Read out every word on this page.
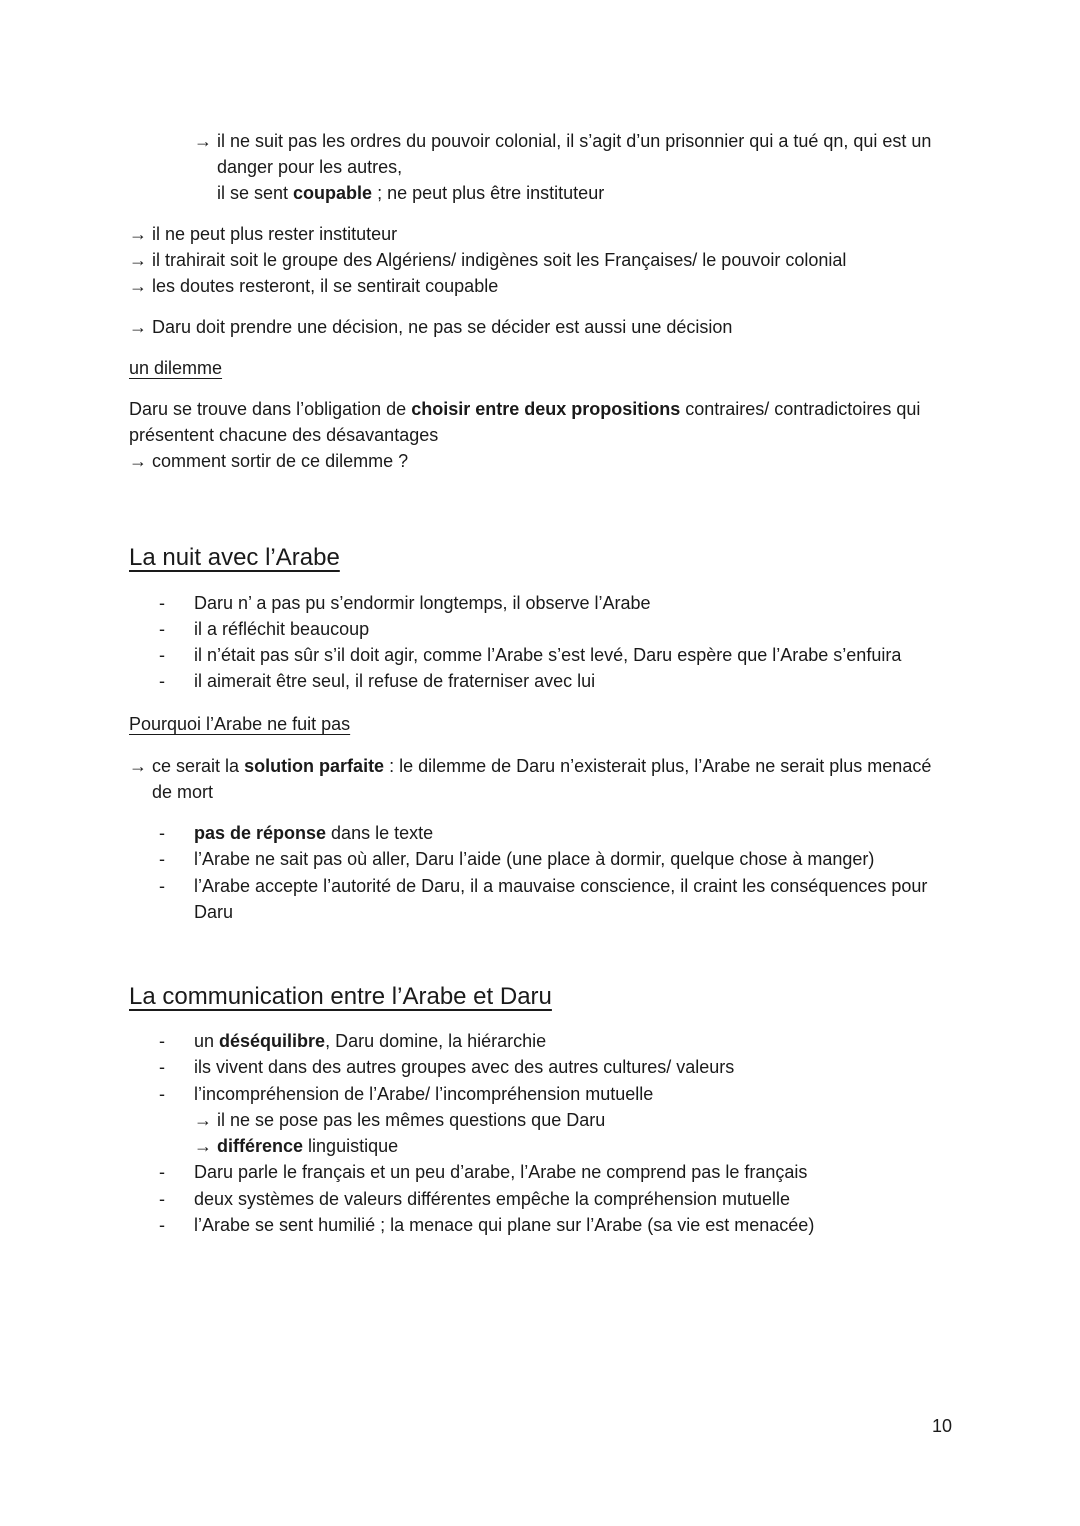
→ il ne suit pas les ordres du pouvoir colonial, il s’agit d’un prisonnier qui a tué qn, qui est un
danger pour les autres,
il se sent coupable ; ne peut plus être instituteur
→ il ne peut plus rester instituteur
→ il trahirait soit le groupe des Algériens/ indigènes soit les Françaises/ le pouvoir colonial
→ les doutes resteront, il se sentirait coupable
→ Daru doit prendre une décision, ne pas se décider est aussi une décision
un dilemme
Daru se trouve dans l’obligation de choisir entre deux propositions contraires/ contradictoires qui
présentent chacune des désavantages
→ comment sortir de ce dilemme ?
La nuit avec l’Arabe
- Daru n’ a pas pu s’endormir longtemps, il observe l’Arabe
- il a réfléchit beaucoup
- il n’était pas sûr s’il doit agir, comme l’Arabe s’est levé, Daru espère que l’Arabe s’enfuira
- il aimerait être seul, il refuse de fraterniser avec lui
Pourquoi l’Arabe ne fuit pas
→ ce serait la solution parfaite : le dilemme de Daru n’existerait plus, l’Arabe ne serait plus menacé
de mort
- pas de réponse dans le texte
- l’Arabe ne sait pas où aller, Daru l’aide (une place à dormir, quelque chose à manger)
- l’Arabe accepte l’autorité de Daru, il a mauvaise conscience, il craint les conséquences pour
Daru
La communication entre l’Arabe et Daru
- un déséquilibre, Daru domine, la hiérarchie
- ils vivent dans des autres groupes avec des autres cultures/ valeurs
- l’incompréhension de l’Arabe/ l’incompréhension mutuelle
→ il ne se pose pas les mêmes questions que Daru
→ différence linguistique
- Daru parle le français et un peu d’arabe, l’Arabe ne comprend pas le français
- deux systèmes de valeurs différentes empêche la compréhension mutuelle
- l’Arabe se sent humilié ; la menace qui plane sur l’Arabe (sa vie est menacée)
10
